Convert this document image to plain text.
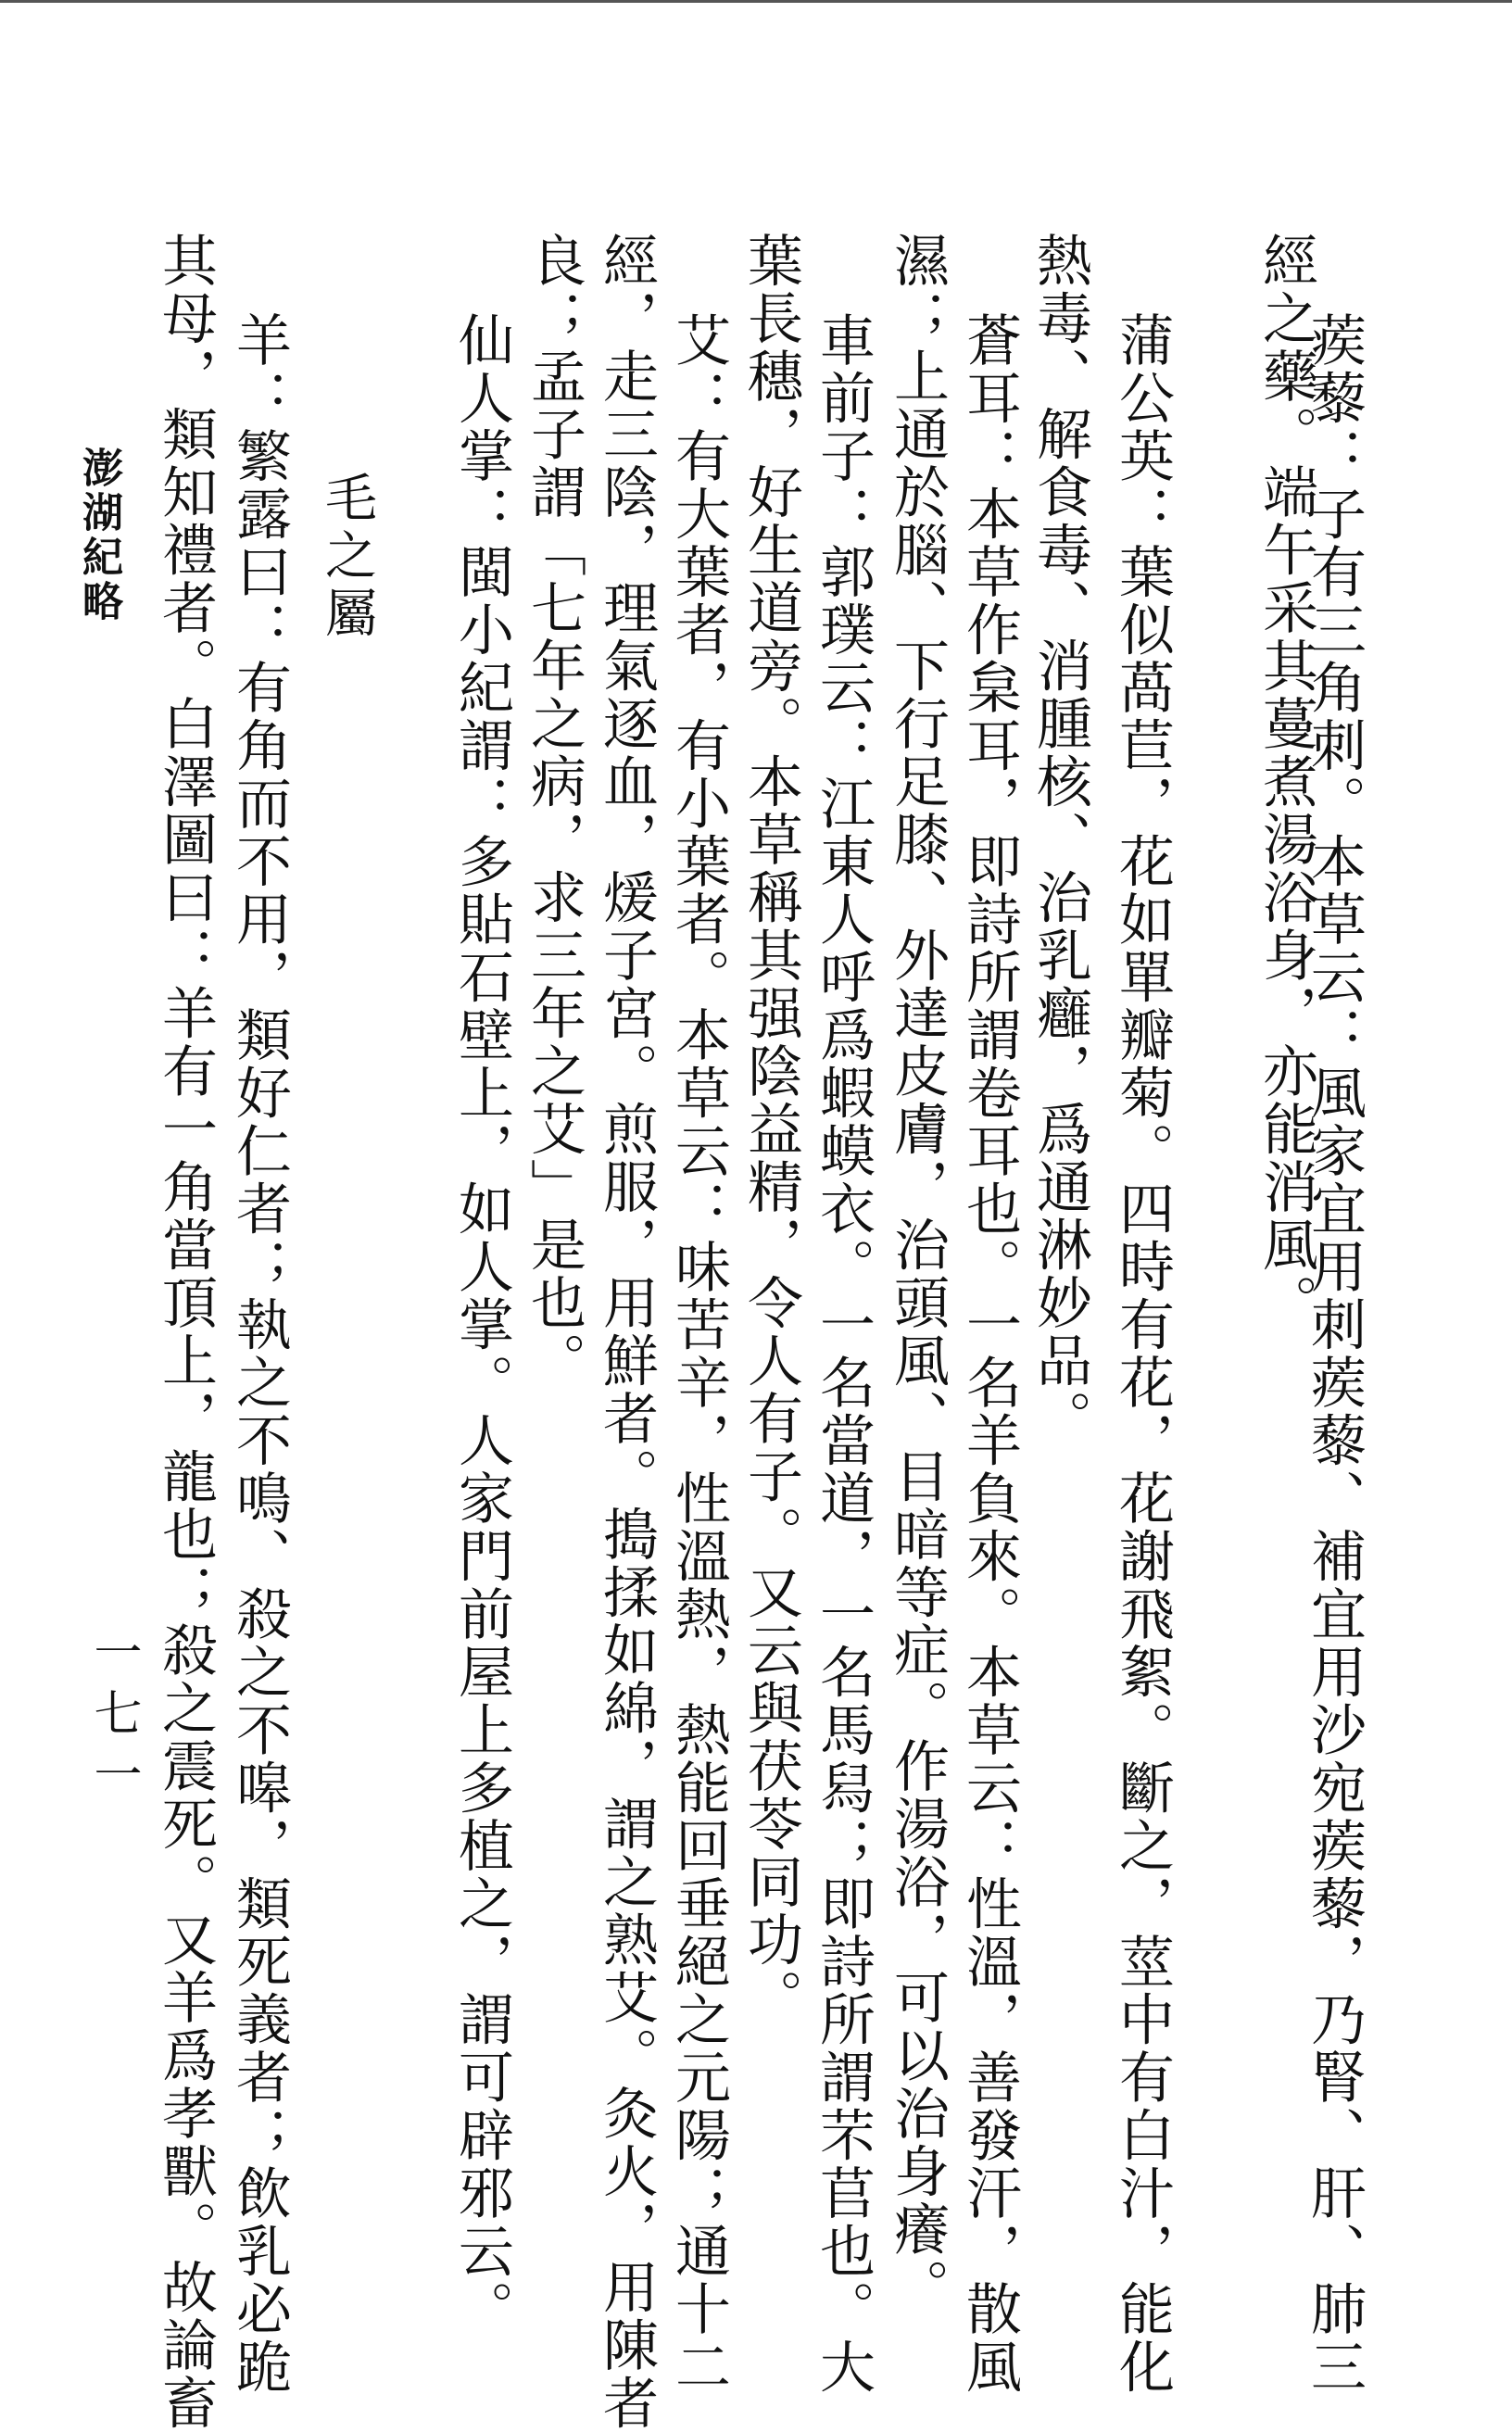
蒺藜：子有三角刺。本草云：風家宜用刺蒺藜、補宜用沙宛蒺藜，乃腎、肝、肺三
經之藥。端午采其蔓煮湯浴身，亦能消風。
蒲公英：葉似萵苣，花如單瓣菊。四時有花，花謝飛絮。斷之，莖中有白汁，能化
熱毒、解食毒、消腫核、治乳癰，爲通淋妙品。
蒼耳：本草作枲耳，即詩所謂卷耳也。一名羊負來。本草云：性溫，善發汗，散風
濕；上通於腦、下行足膝、外達皮膚，治頭風、目暗等症。作湯浴，可以治身癢。
車前子：郭璞云：江東人呼爲蝦蟆衣。一名當道，一名馬舄；即詩所謂芣苢也。大
葉長穗，好生道旁。本草稱其强陰益精，令人有子。又云與茯苓同功。
艾：有大葉者，有小葉者。本草云：味苦辛，性溫熱，熱能回垂絕之元陽；通十二
經，走三陰，理氣逐血，煖子宮。煎服，用鮮者。搗揉如綿，謂之熟艾。灸火，用陳者
良；孟子謂「七年之病，求三年之艾」是也。
仙人掌：閩小紀謂：多貼石壁上，如人掌。人家門前屋上多植之，謂可辟邪云。
毛之屬
羊：繁露曰：有角而不用，類好仁者；執之不鳴、殺之不嗥，類死義者；飲乳必跪
其母，類知禮者。白澤圖曰：羊有一角當頂上，龍也；殺之震死。又羊爲孝獸。故論畜
澎湖紀略
一七一
